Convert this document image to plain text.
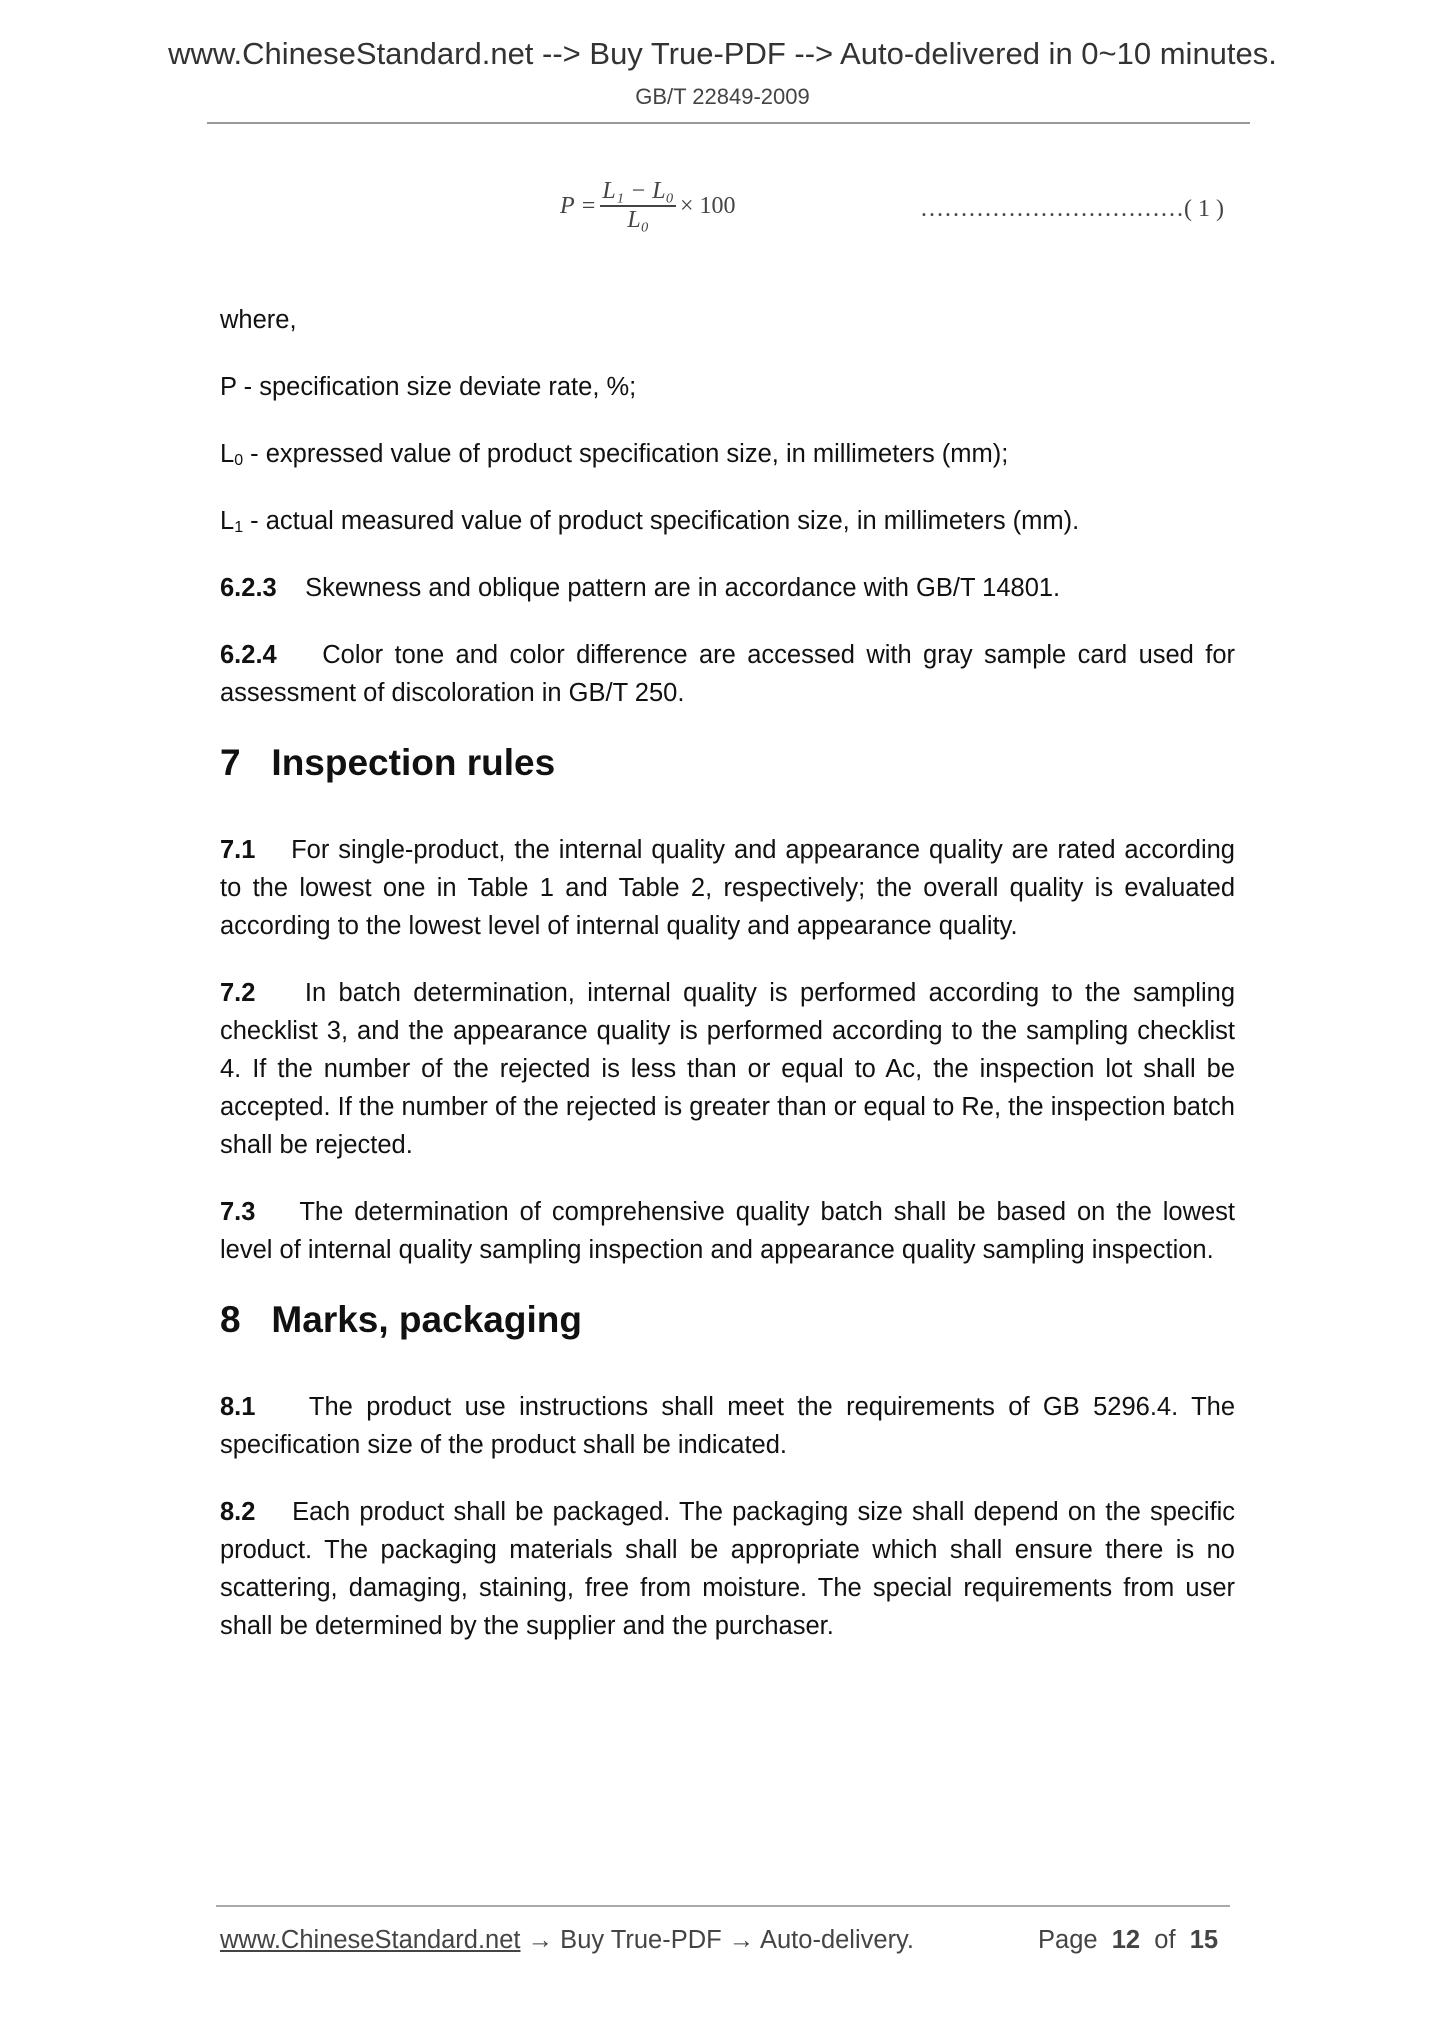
www.ChineseStandard.net --> Buy True-PDF --> Auto-delivered in 0~10 minutes.
GB/T 22849-2009
$P = \frac{\text{L₁ − L₀}}{\text{L₀}} \times 100$	……………………………( 1 )
where,
P - specification size deviate rate, %;
$L_0$ - expressed value of product specification size, in millimeters (mm);
$L_1$ - actual measured value of product specification size, in millimeters (mm).
6.2.3 Skewness and oblique pattern are in accordance with GB/T 14801.
6.2.4 Color tone and color difference are accessed with gray sample card used for assessment of discoloration in GB/T 250.
7 Inspection rules
7.1 For single-product, the internal quality and appearance quality are rated according to the lowest one in Table 1 and Table 2, respectively; the overall quality is evaluated according to the lowest level of internal quality and appearance quality.
7.2 In batch determination, internal quality is performed according to the sampling checklist 3, and the appearance quality is performed according to the sampling checklist 4. If the number of the rejected is less than or equal to Ac, the inspection lot shall be accepted. If the number of the rejected is greater than or equal to Re, the inspection batch shall be rejected.
7.3 The determination of comprehensive quality batch shall be based on the lowest level of internal quality sampling inspection and appearance quality sampling inspection.
8 Marks, packaging
8.1 The product use instructions shall meet the requirements of GB 5296.4. The specification size of the product shall be indicated.
8.2 Each product shall be packaged. The packaging size shall depend on the specific product. The packaging materials shall be appropriate which shall ensure there is no scattering, damaging, staining, free from moisture. The special requirements from user shall be determined by the supplier and the purchaser.
www.ChineseStandard.net → Buy True-PDF → Auto-delivery.	Page 12 of 15
